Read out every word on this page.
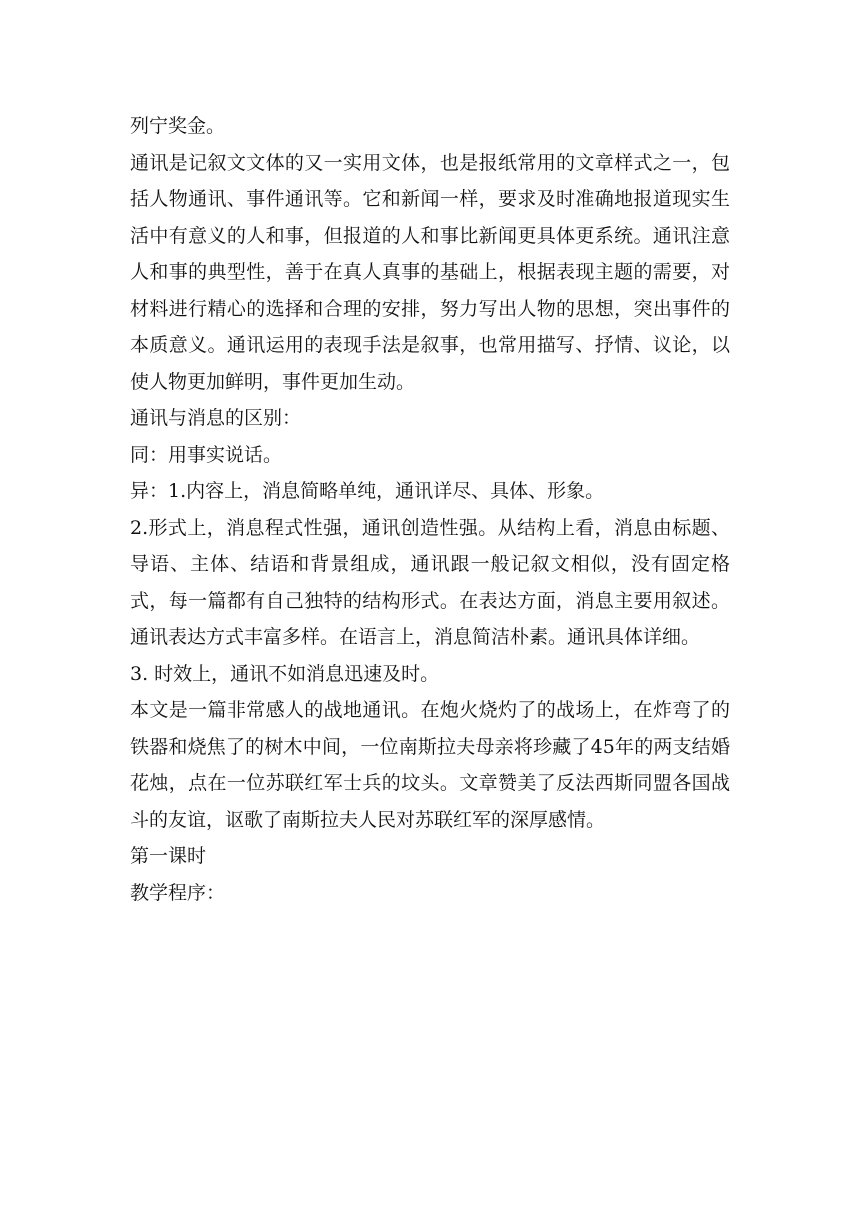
列宁奖金。

通讯是记叙文文体的又一实用文体，也是报纸常用的文章样式之一，包括人物通讯、事件通讯等。它和新闻一样，要求及时准确地报道现实生活中有意义的人和事，但报道的人和事比新闻更具体更系统。通讯注意人和事的典型性，善于在真人真事的基础上，根据表现主题的需要，对材料进行精心的选择和合理的安排，努力写出人物的思想，突出事件的本质意义。通讯运用的表现手法是叙事，也常用描写、抒情、议论，以使人物更加鲜明，事件更加生动。

通讯与消息的区别：

同：用事实说话。

异：1.内容上，消息简略单纯，通讯详尽、具体、形象。

2.形式上，消息程式性强，通讯创造性强。从结构上看，消息由标题、导语、主体、结语和背景组成，通讯跟一般记叙文相似，没有固定格式，每一篇都有自己独特的结构形式。在表达方面，消息主要用叙述。通讯表达方式丰富多样。在语言上，消息简洁朴素。通讯具体详细。

3. 时效上，通讯不如消息迅速及时。

本文是一篇非常感人的战地通讯。在炮火烧灼了的战场上，在炸弯了的铁器和烧焦了的树木中间，一位南斯拉夫母亲将珍藏了45年的两支结婚花烛，点在一位苏联红军士兵的坟头。文章赞美了反法西斯同盟各国战斗的友谊，讴歌了南斯拉夫人民对苏联红军的深厚感情。

第一课时

教学程序：
